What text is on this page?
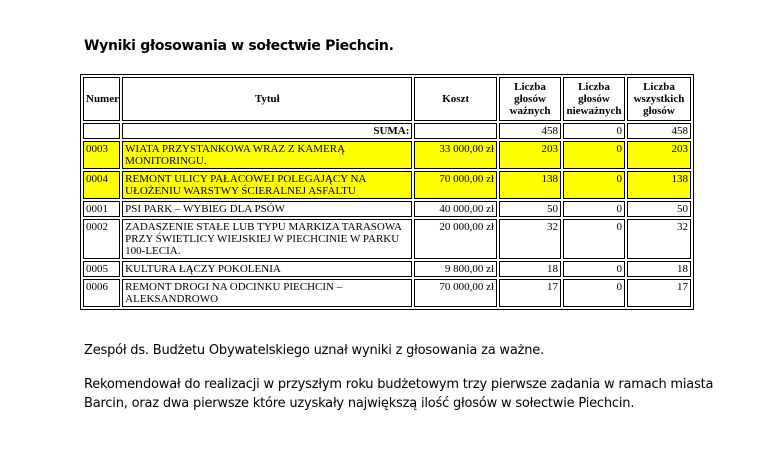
Wyniki głosowania w sołectwie Piechcin.
Numer	Tytuł	Koszt	Liczba głosów ważnych	Liczba głosów nieważnych	Liczba wszystkich głosów
	SUMA:		458	0	458
0003	WIATA PRZYSTANKOWA WRAZ Z KAMERĄ MONITORINGU.	33 000,00 zł	203	0	203
0004	REMONT ULICY PAŁACOWEJ POLEGAJĄCY NA UŁOŻENIU WARSTWY ŚCIERALNEJ ASFALTU	70 000,00 zł	138	0	138
0001	PSI PARK – WYBIEG DLA PSÓW	40 000,00 zł	50	0	50
0002	ZADASZENIE STAŁE LUB TYPU MARKIZA TARASOWA PRZY ŚWIETLICY WIEJSKIEJ W PIECHCINIE W PARKU 100-LECIA.	20 000,00 zł	32	0	32
0005	KULTURA ŁĄCZY POKOLENIA	9 800,00 zł	18	0	18
0006	REMONT DROGI NA ODCINKU PIECHCIN – ALEKSANDROWO	70 000,00 zł	17	0	17
Zespół ds. Budżetu Obywatelskiego uznał wyniki z głosowania za ważne.
Rekomendował do realizacji w przyszłym roku budżetowym trzy pierwsze zadania w ramach miasta Barcin, oraz dwa pierwsze które uzyskały największą ilość głosów w sołectwie Piechcin.
